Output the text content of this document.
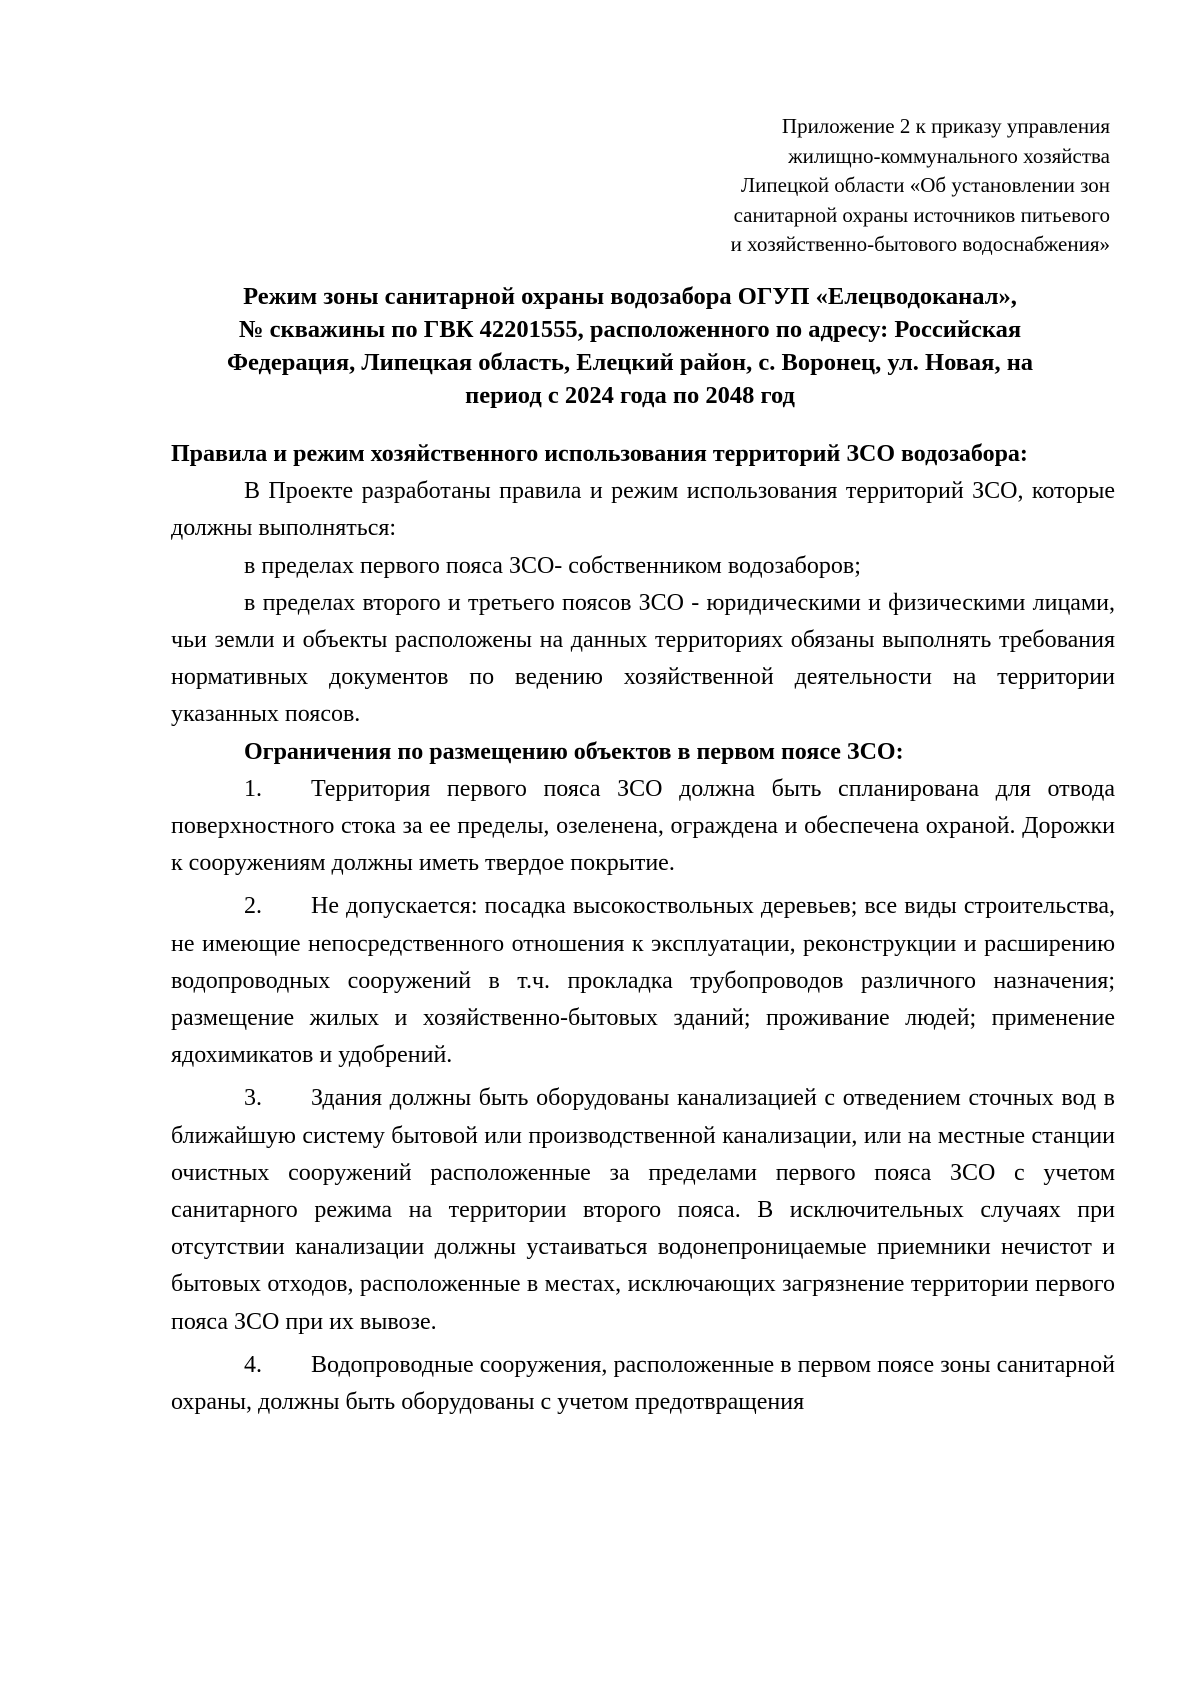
Приложение 2 к приказу управления
жилищно-коммунального хозяйства
Липецкой области «Об установлении зон
санитарной охраны источников питьевого
и хозяйственно-бытового водоснабжения»
Режим зоны санитарной охраны водозабора ОГУП «Елецводоканал»,
№ скважины по ГВК 42201555, расположенного по адресу: Российская
Федерация, Липецкая область, Елецкий район, с. Воронец, ул. Новая, на
период с 2024 года по 2048 год

Правила и режим хозяйственного использования территорий ЗСО водозабора:

В Проекте разработаны правила и режим использования территорий ЗСО, которые должны выполняться:

в пределах первого пояса ЗСО- собственником водозаборов;

в пределах второго и третьего поясов ЗСО - юридическими и физическими лицами, чьи земли и объекты расположены на данных территориях обязаны выполнять требования нормативных документов по ведению хозяйственной деятельности на территории указанных поясов.

Ограничения по размещению объектов в первом поясе ЗСО:

1. Территория первого пояса ЗСО должна быть спланирована для отвода поверхностного стока за ее пределы, озеленена, ограждена и обеспечена охраной. Дорожки к сооружениям должны иметь твердое покрытие.

2. Не допускается: посадка высокоствольных деревьев; все виды строительства, не имеющие непосредственного отношения к эксплуатации, реконструкции и расширению водопроводных сооружений в т.ч. прокладка трубопроводов различного назначения; размещение жилых и хозяйственно-бытовых зданий; проживание людей; применение ядохимикатов и удобрений.

3. Здания должны быть оборудованы канализацией с отведением сточных вод в ближайшую систему бытовой или производственной канализации, или на местные станции очистных сооружений расположенные за пределами первого пояса ЗСО с учетом санитарного режима на территории второго пояса. В исключительных случаях при отсутствии канализации должны устаиваться водонепроницаемые приемники нечистот и бытовых отходов, расположенные в местах, исключающих загрязнение территории первого пояса ЗСО при их вывозе.

4. Водопроводные сооружения, расположенные в первом поясе зоны санитарной охраны, должны быть оборудованы с учетом предотвращения
